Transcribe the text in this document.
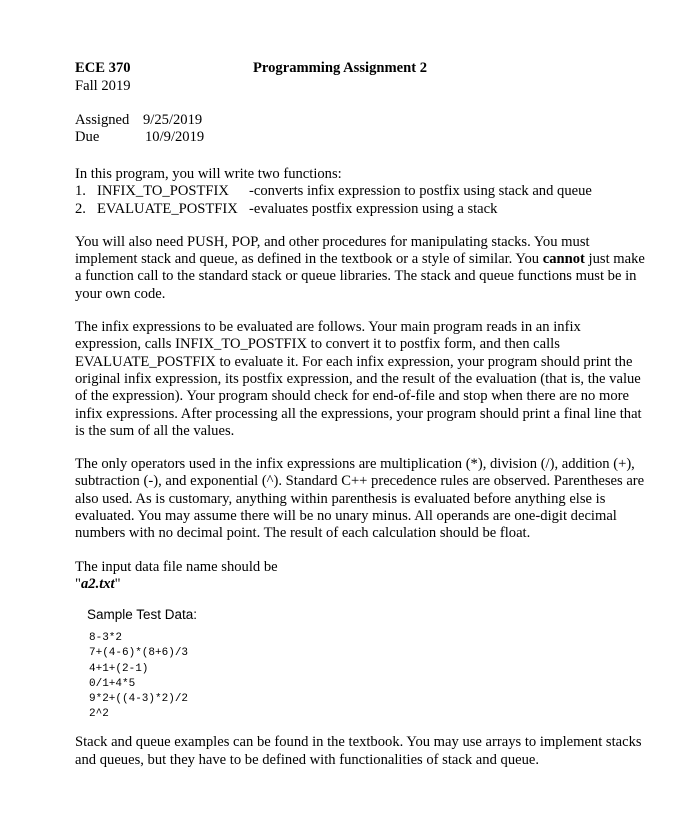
ECE 370
Fall 2019
Programming Assignment 2
Assigned 9/25/2019
Due	10/9/2019

In this program, you will write two functions:

1. INFIX_TO_POSTFIX	-converts infix expression to postfix using stack and queue
2. EVALUATE_POSTFIX -evaluates postfix expression using a stack

You will also need PUSH, POP, and other procedures for manipulating stacks. You must implement stack and queue, as defined in the textbook or a style of similar. You cannot just make a function call to the standard stack or queue libraries. The stack and queue functions must be in your own code.

The infix expressions to be evaluated are follows. Your main program reads in an infix expression, calls INFIX_TO_POSTFIX to convert it to postfix form, and then calls EVALUATE_POSTFIX to evaluate it. For each infix expression, your program should print the original infix expression, its postfix expression, and the result of the evaluation (that is, the value of the expression). Your program should check for end-of-file and stop when there are no more infix expressions. After processing all the expressions, your program should print a final line that is the sum of all the values.

The only operators used in the infix expressions are multiplication (*), division (/), addition (+), subtraction (-), and exponential (^). Standard C++ precedence rules are observed. Parentheses are also used. As is customary, anything within parenthesis is evaluated before anything else is evaluated. You may assume there will be no unary minus. All operands are one-digit decimal numbers with no decimal point. The result of each calculation should be float.

The input data file name should be

"a2.txt"

Sample Test Data:
8-3*2
7+(4-6)*(8+6)/3
4+1+(2-1)
0/1+4*5
9*2+((4-3)*2)/2
2^2

Stack and queue examples can be found in the textbook. You may use arrays to implement stacks and queues, but they have to be defined with functionalities of stack and queue.
